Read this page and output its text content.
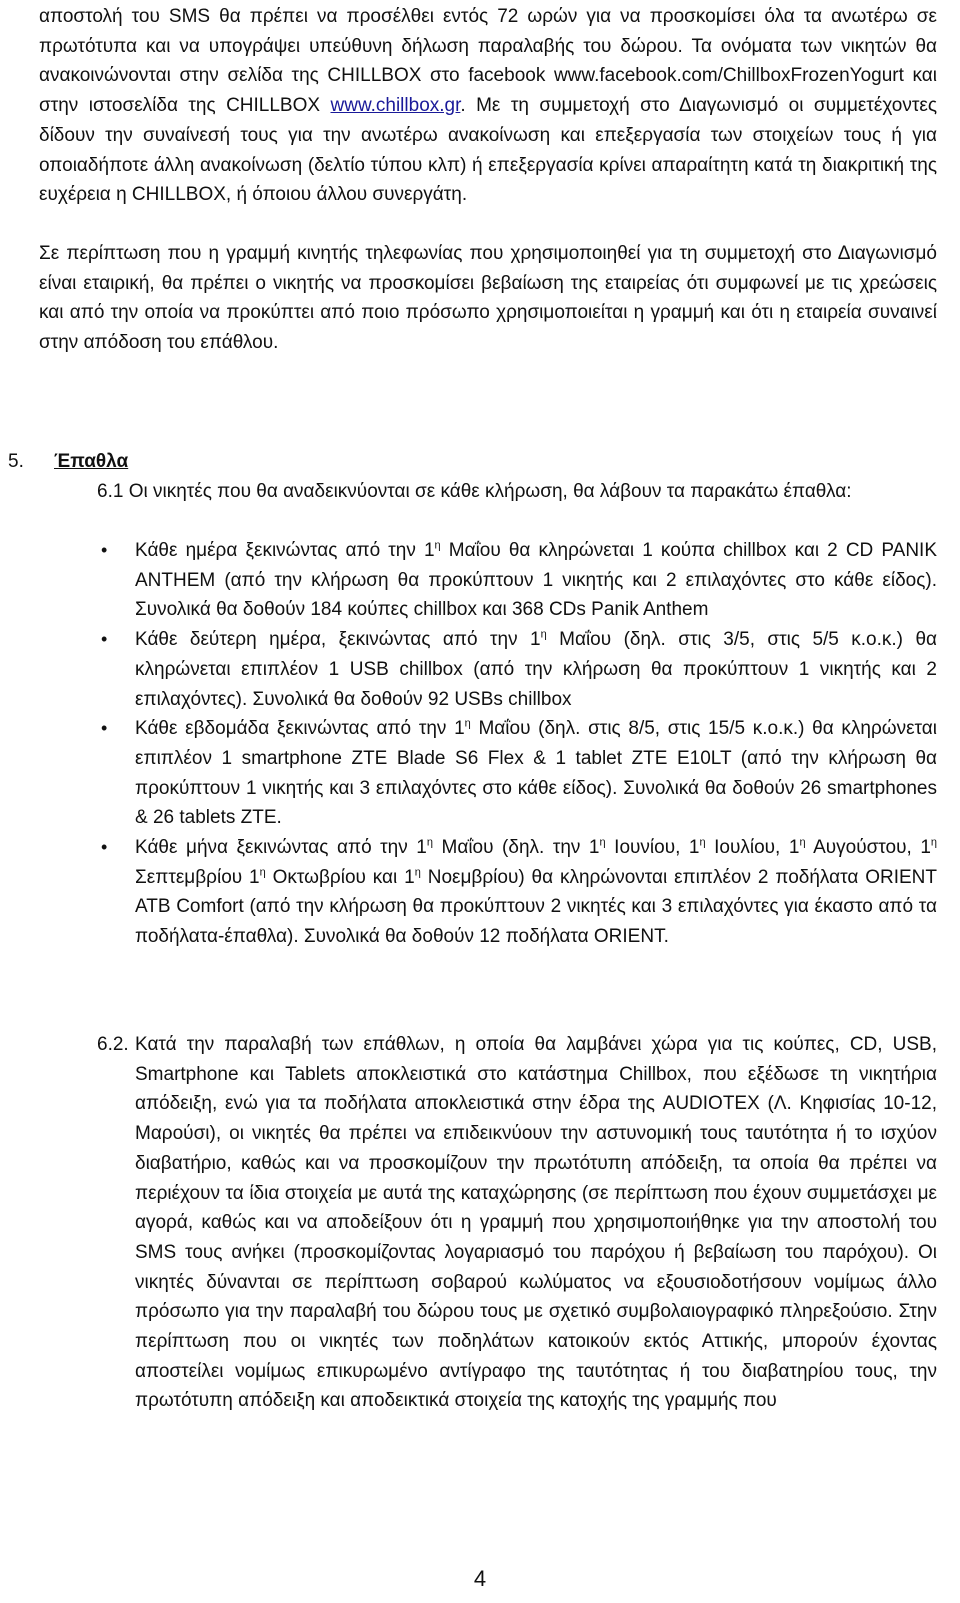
αποστολή του SMS θα πρέπει να προσέλθει εντός 72 ωρών για να προσκομίσει όλα τα ανωτέρω σε πρωτότυπα και να υπογράψει υπεύθυνη δήλωση παραλαβής του δώρου. Τα ονόματα των νικητών θα ανακοινώνονται στην σελίδα της CHILLBOX στο facebook www.facebook.com/ChillboxFrozenYogurt και στην ιστοσελίδα της CHILLBOX www.chillbox.gr. Με τη συμμετοχή στο Διαγωνισμό οι συμμετέχοντες δίδουν την συναίνεσή τους για την ανωτέρω ανακοίνωση και επεξεργασία των στοιχείων τους ή για οποιαδήποτε άλλη ανακοίνωση (δελτίο τύπου κλπ) ή επεξεργασία κρίνει απαραίτητη κατά τη διακριτική της ευχέρεια η CHILLBOX, ή όποιου άλλου συνεργάτη.

Σε περίπτωση που η γραμμή κινητής τηλεφωνίας που χρησιμοποιηθεί για τη συμμετοχή στο Διαγωνισμό είναι εταιρική, θα πρέπει ο νικητής να προσκομίσει βεβαίωση της εταιρείας ότι συμφωνεί με τις χρεώσεις και από την οποία να προκύπτει από ποιο πρόσωπο χρησιμοποιείται η γραμμή και ότι η εταιρεία συναινεί στην απόδοση του επάθλου.

5. Έπαθλα

6.1 Οι νικητές που θα αναδεικνύονται σε κάθε κλήρωση, θα λάβουν τα παρακάτω έπαθλα:

• Κάθε ημέρα ξεκινώντας από την $1^\eta$ Μαΐου θα κληρώνεται 1 κούπα chillbox και 2 CD PANIK ANTHEM (από την κλήρωση θα προκύπτουν 1 νικητής και 2 επιλαχόντες στο κάθε είδος). Συνολικά θα δοθούν 184 κούπες chillbox και 368 CDs Panik Anthem
• Κάθε δεύτερη ημέρα, ξεκινώντας από την $1^\eta$ Μαΐου (δηλ. στις 3/5, στις 5/5 κ.ο.κ.) θα κληρώνεται επιπλέον 1 USB chillbox (από την κλήρωση θα προκύπτουν 1 νικητής και 2 επιλαχόντες). Συνολικά θα δοθούν 92 USBs chillbox
• Κάθε εβδομάδα ξεκινώντας από την $1^\eta$ Μαΐου (δηλ. στις 8/5, στις 15/5 κ.ο.κ.) θα κληρώνεται επιπλέον 1 smartphone ZTE Blade S6 Flex & 1 tablet ZTE E10LT (από την κλήρωση θα προκύπτουν 1 νικητής και 3 επιλαχόντες στο κάθε είδος). Συνολικά θα δοθούν 26 smartphones & 26 tablets ZTE.
• Κάθε μήνα ξεκινώντας από την $1^\eta$ Μαΐου (δηλ. την $1^\eta$ Ιουνίου, $1^\eta$ Ιουλίου, $1^\eta$ Αυγούστου, $1^\eta$ Σεπτεμβρίου $1^\eta$ Οκτωβρίου και $1^\eta$ Νοεμβρίου) θα κληρώνονται επιπλέον 2 ποδήλατα ORIENT ATB Comfort (από την κλήρωση θα προκύπτουν 2 νικητές και 3 επιλαχόντες για έκαστο από τα ποδήλατα-έπαθλα). Συνολικά θα δοθούν 12 ποδήλατα ORIENT.
6.2. Κατά την παραλαβή των επάθλων, η οποία θα λαμβάνει χώρα για τις κούπες, CD, USB, Smartphone και Tablets αποκλειστικά στο κατάστημα Chillbox, που εξέδωσε τη νικητήρια απόδειξη, ενώ για τα ποδήλατα αποκλειστικά στην έδρα της AUDIOTEX (Λ. Κηφισίας 10-12, Μαρούσι), οι νικητές θα πρέπει να επιδεικνύουν την αστυνομική τους ταυτότητα ή το ισχύον διαβατήριο, καθώς και να προσκομίζουν την πρωτότυπη απόδειξη, τα οποία θα πρέπει να περιέχουν τα ίδια στοιχεία με αυτά της καταχώρησης (σε περίπτωση που έχουν συμμετάσχει με αγορά, καθώς και να αποδείξουν ότι η γραμμή που χρησιμοποιήθηκε για την αποστολή του SMS τους ανήκει (προσκομίζοντας λογαριασμό του παρόχου ή βεβαίωση του παρόχου). Οι νικητές δύνανται σε περίπτωση σοβαρού κωλύματος να εξουσιοδοτήσουν νομίμως άλλο πρόσωπο για την παραλαβή του δώρου τους με σχετικό συμβολαιογραφικό πληρεξούσιο. Στην περίπτωση που οι νικητές των ποδηλάτων κατοικούν εκτός Αττικής, μπορούν έχοντας αποστείλει νομίμως επικυρωμένο αντίγραφο της ταυτότητας ή του διαβατηρίου τους, την πρωτότυπη απόδειξη και αποδεικτικά στοιχεία της κατοχής της γραμμής που

4
